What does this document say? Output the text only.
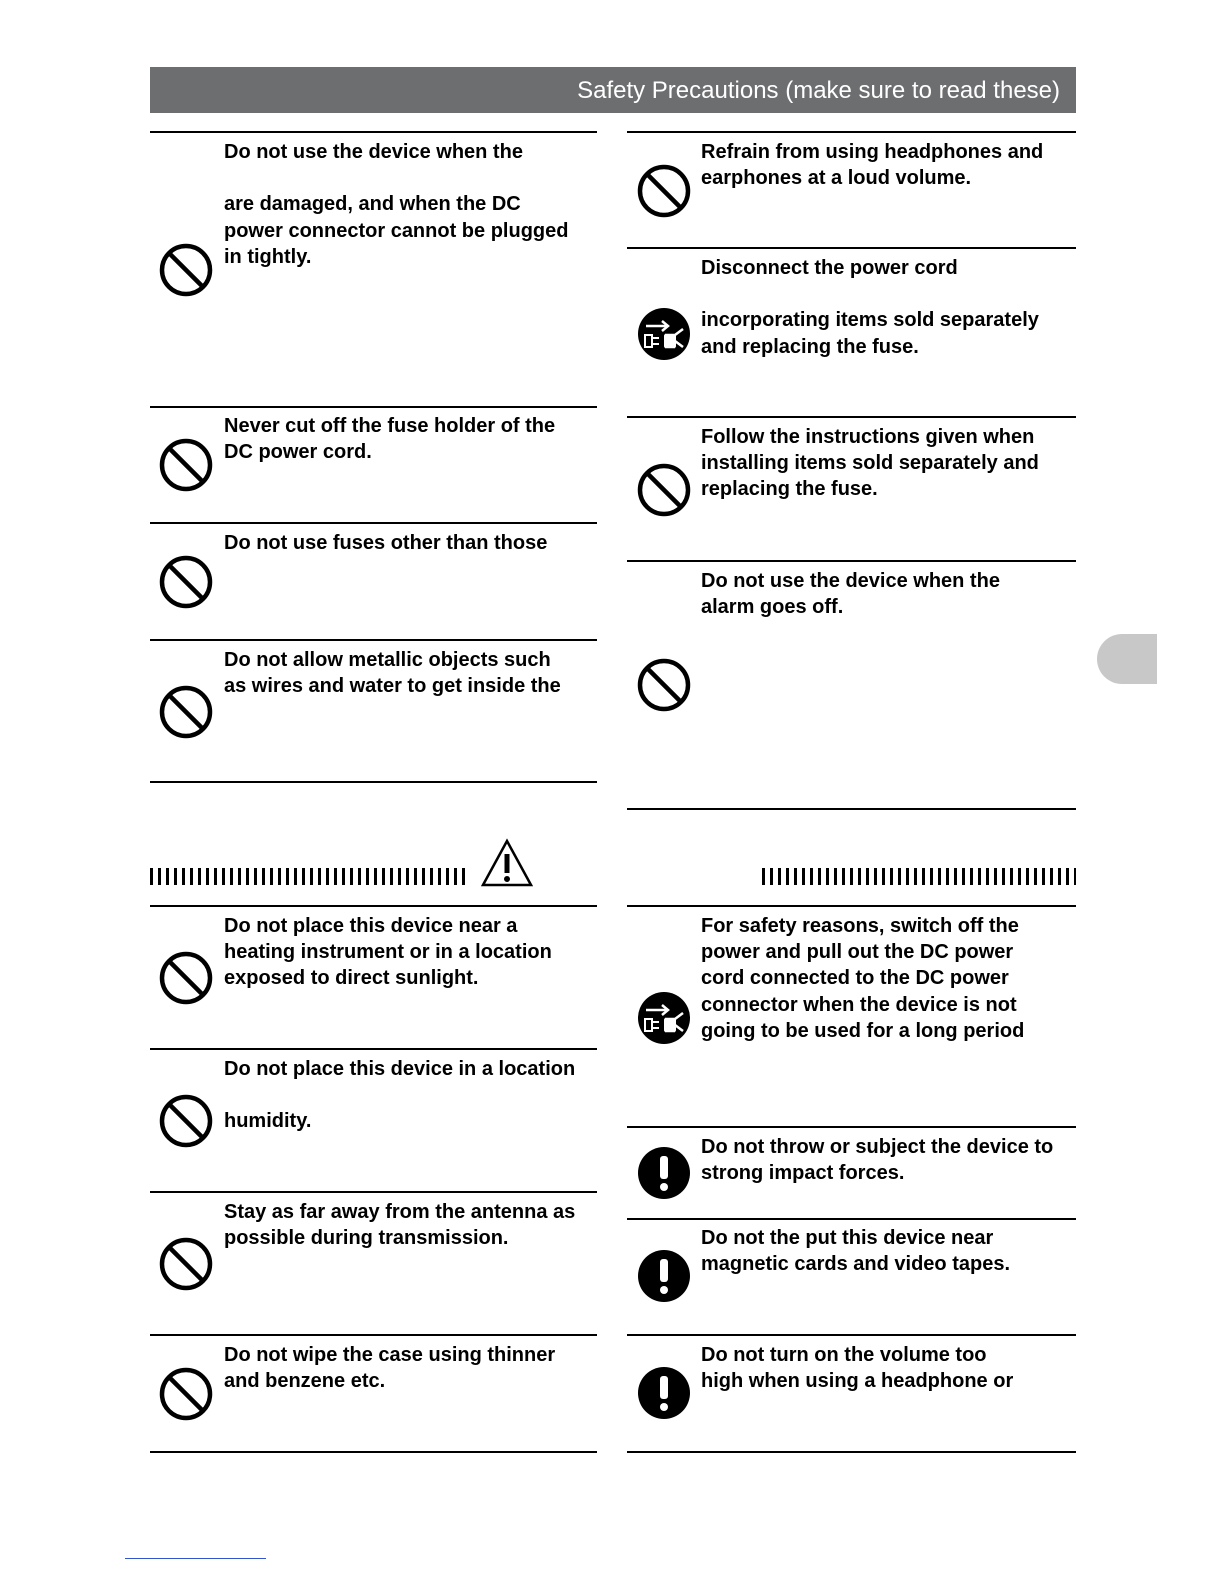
Safety Precautions (make sure to read these)
Do not use the device when the

are damaged, and when the DC
power connector cannot be plugged
in tightly.
Never cut off the fuse holder of the
DC power cord.
Do not use fuses other than those
Do not allow metallic objects such
as wires and water to get inside the
Refrain from using headphones and
earphones at a loud volume.
Disconnect the power cord

incorporating items sold separately
and replacing the fuse.
Follow the instructions given when
installing items sold separately and
replacing the fuse.
Do not use the device when the
alarm goes off.
Do not place this device near a
heating instrument or in a location
exposed to direct sunlight.
Do not place this device in a location

humidity.
Stay as far away from the antenna as
possible during transmission.
Do not wipe the case using thinner
and benzene etc.
For safety reasons, switch off the
power and pull out the DC power
cord connected to the DC power
connector when the device is not
going to be used for a long period
Do not throw or subject the device to
strong impact forces.
Do not the put this device near
magnetic cards and video tapes.
Do not turn on the volume too
high when using a headphone or
